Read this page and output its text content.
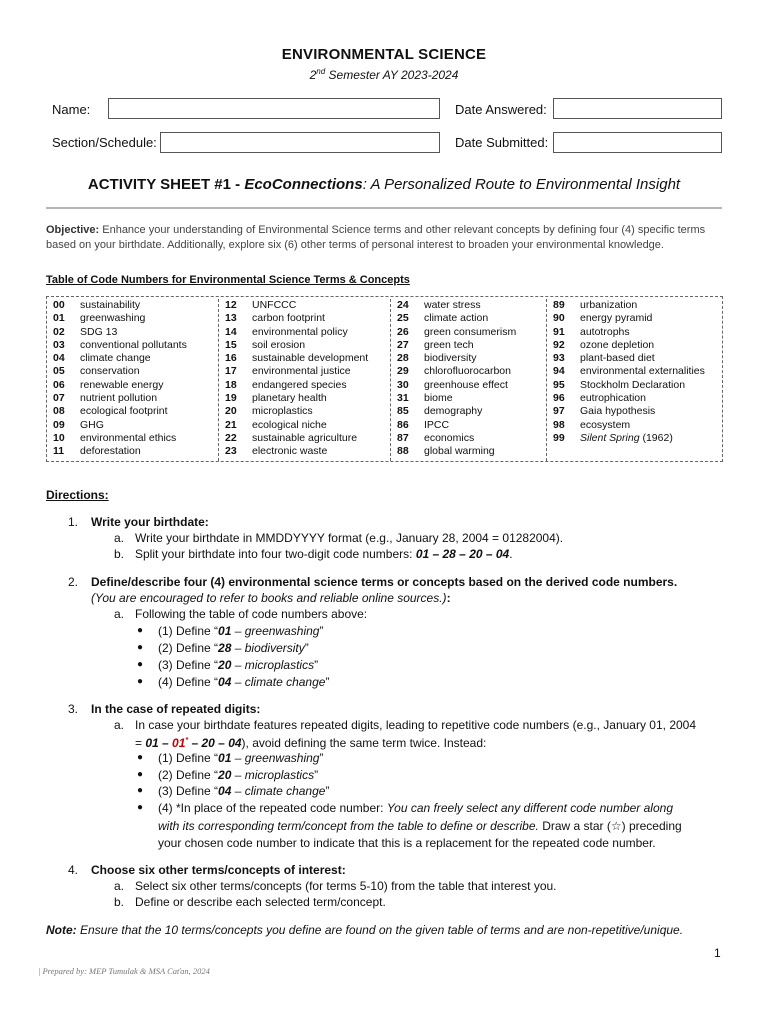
ENVIRONMENTAL SCIENCE
2nd Semester AY 2023-2024
Name:	Date Answered:
Section/Schedule:	Date Submitted:
ACTIVITY SHEET #1 - EcoConnections: A Personalized Route to Environmental Insight
Objective: Enhance your understanding of Environmental Science terms and other relevant concepts by defining four (4) specific terms based on your birthdate. Additionally, explore six (6) other terms of personal interest to broaden your environmental knowledge.
Table of Code Numbers for Environmental Science Terms & Concepts
00 sustainability
01 greenwashing
02 SDG 13
03 conventional pollutants
04 climate change
05 conservation
06 renewable energy
07 nutrient pollution
08 ecological footprint
09 GHG
10 environmental ethics
11 deforestation
12 UNFCCC
13 carbon footprint
14 environmental policy
15 soil erosion
16 sustainable development
17 environmental justice
18 endangered species
19 planetary health
20 microplastics
21 ecological niche
22 sustainable agriculture
23 electronic waste
24 water stress
25 climate action
26 green consumerism
27 green tech
28 biodiversity
29 chlorofluorocarbon
30 greenhouse effect
31 biome
85 demography
86 IPCC
87 economics
88 global warming
89 urbanization
90 energy pyramid
91 autotrophs
92 ozone depletion
93 plant-based diet
94 environmental externalities
95 Stockholm Declaration
96 eutrophication
97 Gaia hypothesis
98 ecosystem
99 Silent Spring (1962)
Directions:
1. Write your birthdate:
a. Write your birthdate in MMDDYYYY format (e.g., January 28, 2004 = 01282004).
b. Split your birthdate into four two-digit code numbers: 01 – 28 – 20 – 04.
2. Define/describe four (4) environmental science terms or concepts based on the derived code numbers.
(You are encouraged to refer to books and reliable online sources.):
a. Following the table of code numbers above:
● (1) Define “01 – greenwashing”
● (2) Define “28 – biodiversity”
● (3) Define “20 – microplastics”
● (4) Define “04 – climate change”
3. In the case of repeated digits:
a. In case your birthdate features repeated digits, leading to repetitive code numbers (e.g., January 01, 2004
= 01 – 01* – 20 – 04), avoid defining the same term twice. Instead:
● (1) Define “01 – greenwashing”
● (2) Define “20 – microplastics”
● (3) Define “04 – climate change”
● (4) *In place of the repeated code number: You can freely select any different code number along
with its corresponding term/concept from the table to define or describe. Draw a star (☆) preceding
your chosen code number to indicate that this is a replacement for the repeated code number.
4. Choose six other terms/concepts of interest:
a. Select six other terms/concepts (for terms 5-10) from the table that interest you.
b. Define or describe each selected term/concept.
Note: Ensure that the 10 terms/concepts you define are found on the given table of terms and are non-repetitive/unique.
1
| Prepared by: MEP Tumulak & MSA Caťan, 2024
